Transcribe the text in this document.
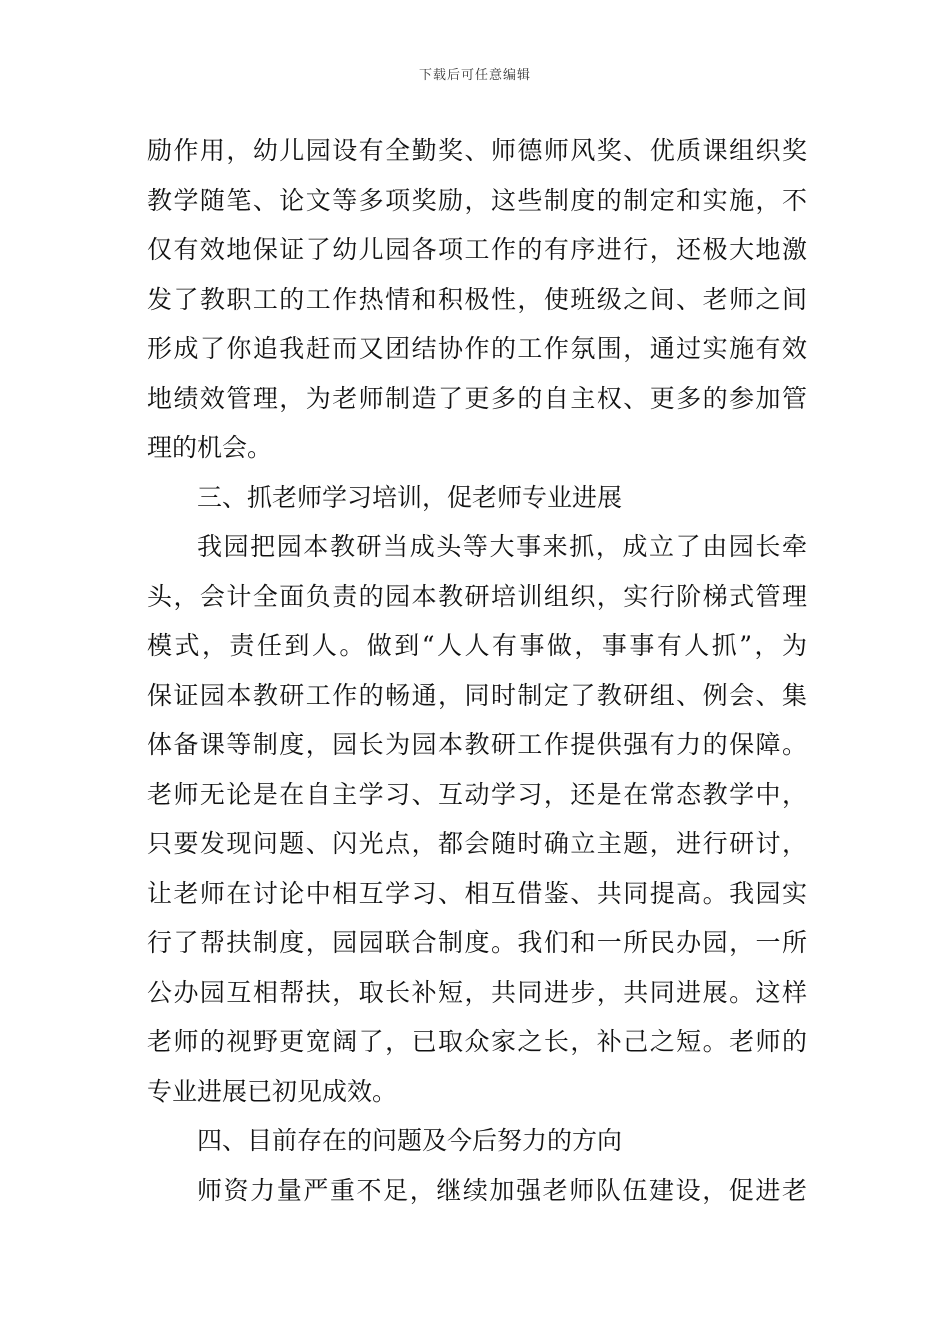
下载后可任意编辑
励作用，幼儿园设有全勤奖、师德师风奖、优质课组织奖
教学随笔、论文等多项奖励，这些制度的制定和实施，不
仅有效地保证了幼儿园各项工作的有序进行，还极大地激
发了教职工的工作热情和积极性，使班级之间、老师之间
形成了你追我赶而又团结协作的工作氛围，通过实施有效
地绩效管理，为老师制造了更多的自主权、更多的参加管
理的机会。
三、抓老师学习培训，促老师专业进展
我园把园本教研当成头等大事来抓，成立了由园长牵
头，会计全面负责的园本教研培训组织，实行阶梯式管理
模式，责任到人。做到“人人有事做，事事有人抓”，为
保证园本教研工作的畅通，同时制定了教研组、例会、集
体备课等制度，园长为园本教研工作提供强有力的保障。
老师无论是在自主学习、互动学习，还是在常态教学中，
只要发现问题、闪光点，都会随时确立主题，进行研讨，
让老师在讨论中相互学习、相互借鉴、共同提高。我园实
行了帮扶制度，园园联合制度。我们和一所民办园，一所
公办园互相帮扶，取长补短，共同进步，共同进展。这样
老师的视野更宽阔了，已取众家之长，补己之短。老师的
专业进展已初见成效。
四、目前存在的问题及今后努力的方向
师资力量严重不足，继续加强老师队伍建设，促进老
